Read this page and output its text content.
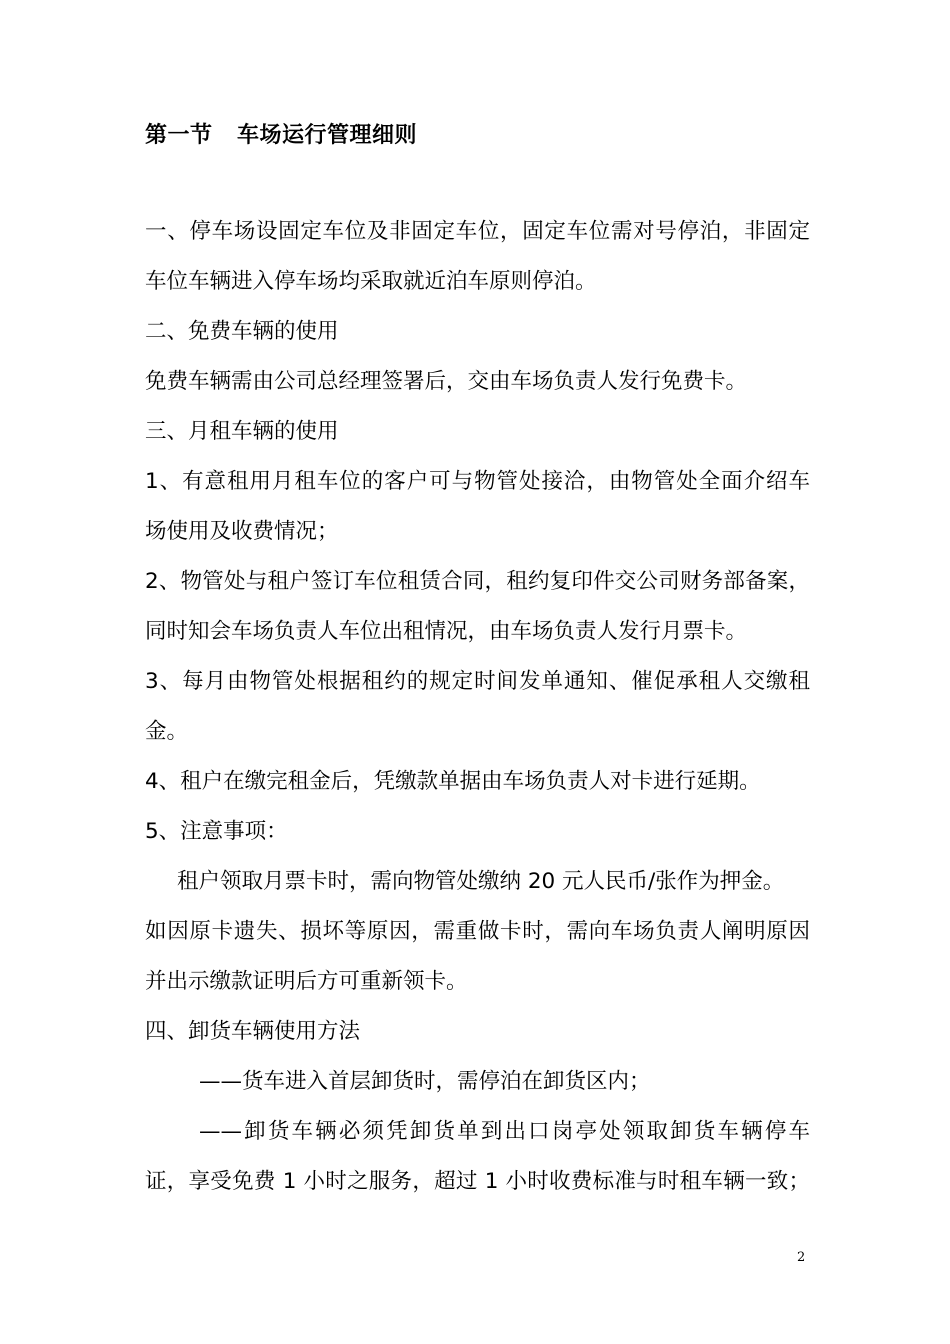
第一节   车场运行管理细则
一、停车场设固定车位及非固定车位，固定车位需对号停泊，非固定
车位车辆进入停车场均采取就近泊车原则停泊。
二、免费车辆的使用
免费车辆需由公司总经理签署后，交由车场负责人发行免费卡。
三、月租车辆的使用
1、有意租用月租车位的客户可与物管处接洽，由物管处全面介绍车
场使用及收费情况；
2、物管处与租户签订车位租赁合同，租约复印件交公司财务部备案，
同时知会车场负责人车位出租情况，由车场负责人发行月票卡。
3、每月由物管处根据租约的规定时间发单通知、催促承租人交缴租
金。
4、租户在缴完租金后，凭缴款单据由车场负责人对卡进行延期。
5、注意事项：
租户领取月票卡时，需向物管处缴纳 20 元人民币/张作为押金。
如因原卡遗失、损坏等原因，需重做卡时，需向车场负责人阐明原因
并出示缴款证明后方可重新领卡。
四、卸货车辆使用方法
——货车进入首层卸货时，需停泊在卸货区内；
——卸货车辆必须凭卸货单到出口岗亭处领取卸货车辆停车
证，享受免费 1 小时之服务，超过 1 小时收费标准与时租车辆一致；
2
